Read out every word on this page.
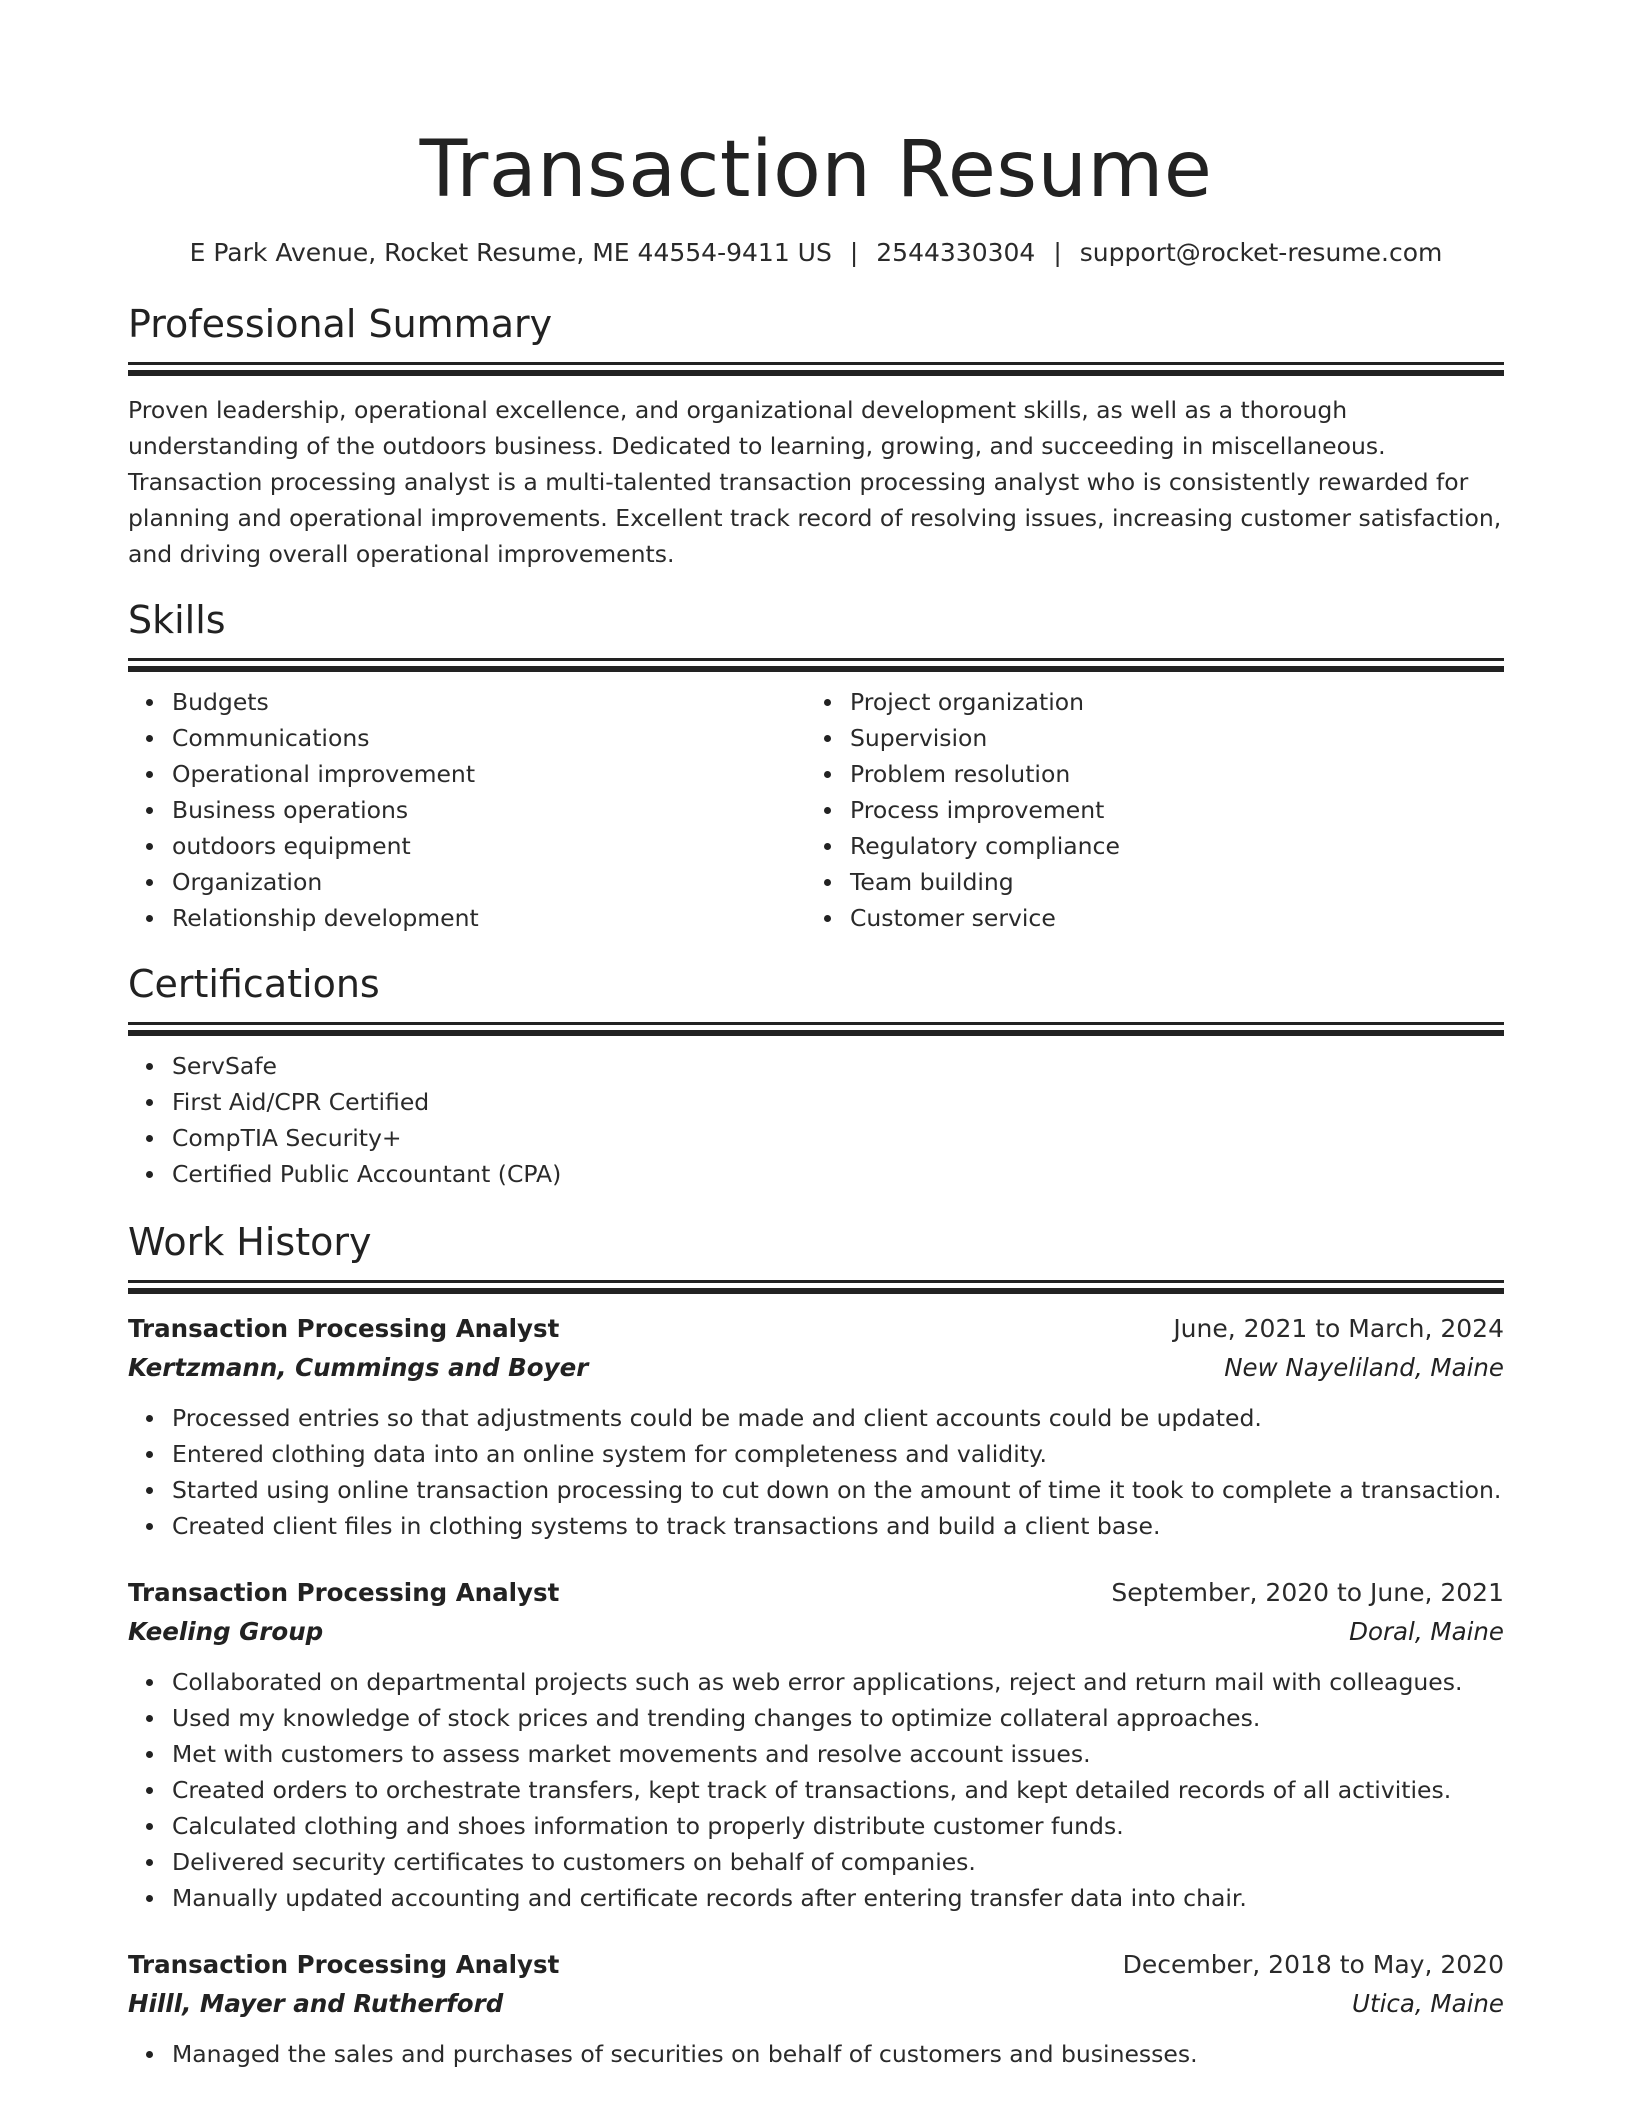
Transaction Resume
E Park Avenue, Rocket Resume, ME 44554-9411 US | 2544330304 | support@rocket-resume.com
Professional Summary

Proven leadership, operational excellence, and organizational development skills, as well as a thorough understanding of the outdoors business. Dedicated to learning, growing, and succeeding in miscellaneous. Transaction processing analyst is a multi-talented transaction processing analyst who is consistently rewarded for planning and operational improvements. Excellent track record of resolving issues, increasing customer satisfaction, and driving overall operational improvements.

Skills
Budgets
Communications
Operational improvement
Business operations
outdoors equipment
Organization
Relationship development
Project organization
Supervision
Problem resolution
Process improvement
Regulatory compliance
Team building
Customer service
Certifications
ServSafe
First Aid/CPR Certified
CompTIA Security+
Certified Public Accountant (CPA)
Work History
Transaction Processing Analyst	June, 2021 to March, 2024
Kertzmann, Cummings and Boyer	New Nayeliland, Maine
Processed entries so that adjustments could be made and client accounts could be updated.
Entered clothing data into an online system for completeness and validity.
Started using online transaction processing to cut down on the amount of time it took to complete a transaction.
Created client files in clothing systems to track transactions and build a client base.
Transaction Processing Analyst	September, 2020 to June, 2021
Keeling Group	Doral, Maine
Collaborated on departmental projects such as web error applications, reject and return mail with colleagues.
Used my knowledge of stock prices and trending changes to optimize collateral approaches.
Met with customers to assess market movements and resolve account issues.
Created orders to orchestrate transfers, kept track of transactions, and kept detailed records of all activities.
Calculated clothing and shoes information to properly distribute customer funds.
Delivered security certificates to customers on behalf of companies.
Manually updated accounting and certificate records after entering transfer data into chair.
Transaction Processing Analyst	December, 2018 to May, 2020
Hilll, Mayer and Rutherford	Utica, Maine
Managed the sales and purchases of securities on behalf of customers and businesses.
